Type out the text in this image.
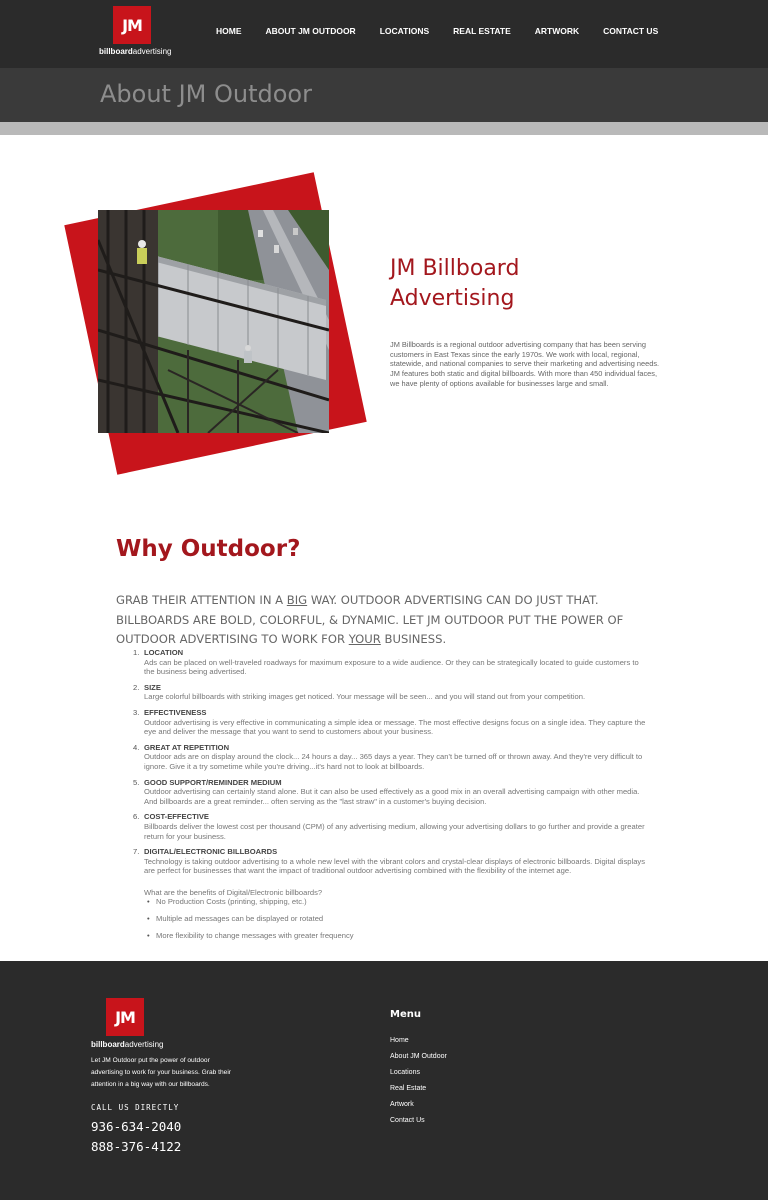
JM
billboardadvertising
HOME	ABOUT JM OUTDOOR	LOCATIONS	REAL ESTATE	ARTWORK	CONTACT US
About JM Outdoor
JM Billboard Advertising

JM Billboards is a regional outdoor advertising company that has been serving customers in East Texas since the early 1970s. We work with local, regional, statewide, and national companies to serve their marketing and advertising needs. JM features both static and digital billboards. With more than 450 individual faces, we have plenty of options available for businesses large and small.

Why Outdoor?

GRAB THEIR ATTENTION IN A BIG WAY. OUTDOOR ADVERTISING CAN DO JUST THAT. BILLBOARDS ARE BOLD, COLORFUL, & DYNAMIC. LET JM OUTDOOR PUT THE POWER OF OUTDOOR ADVERTISING TO WORK FOR YOUR BUSINESS.

1. LOCATION
Ads can be placed on well-traveled roadways for maximum exposure to a wide audience. Or they can be strategically located to guide customers to the business being advertised.
2. SIZE
Large colorful billboards with striking images get noticed. Your message will be seen... and you will stand out from your competition.
3. EFFECTIVENESS
Outdoor advertising is very effective in communicating a simple idea or message. The most effective designs focus on a single idea. They capture the eye and deliver the message that you want to send to customers about your business.
4. GREAT AT REPETITION
Outdoor ads are on display around the clock... 24 hours a day... 365 days a year. They can't be turned off or thrown away. And they're very difficult to ignore. Give it a try sometime while you're driving...it's hard not to look at billboards.
5. GOOD SUPPORT/REMINDER MEDIUM
Outdoor advertising can certainly stand alone. But it can also be used effectively as a good mix in an overall advertising campaign with other media. And billboards are a great reminder... often serving as the "last straw" in a customer's buying decision.
6. COST-EFFECTIVE
Billboards deliver the lowest cost per thousand (CPM) of any advertising medium, allowing your advertising dollars to go further and provide a greater return for your business.
7. DIGITAL/ELECTRONIC BILLBOARDS
Technology is taking outdoor advertising to a whole new level with the vibrant colors and crystal-clear displays of electronic billboards. Digital displays are perfect for businesses that want the impact of traditional outdoor advertising combined with the flexibility of the internet age.
What are the benefits of Digital/Electronic billboards?
• No Production Costs (printing, shipping, etc.)
• Multiple ad messages can be displayed or rotated
• More flexibility to change messages with greater frequency
JM
billboardadvertising

Let JM Outdoor put the power of outdoor advertising to work for your business. Grab their attention in a big way with our billboards.

CALL US DIRECTLY
936-634-2040
888-376-4122
Menu
Home
About JM Outdoor
Locations
Real Estate
Artwork
Contact Us
